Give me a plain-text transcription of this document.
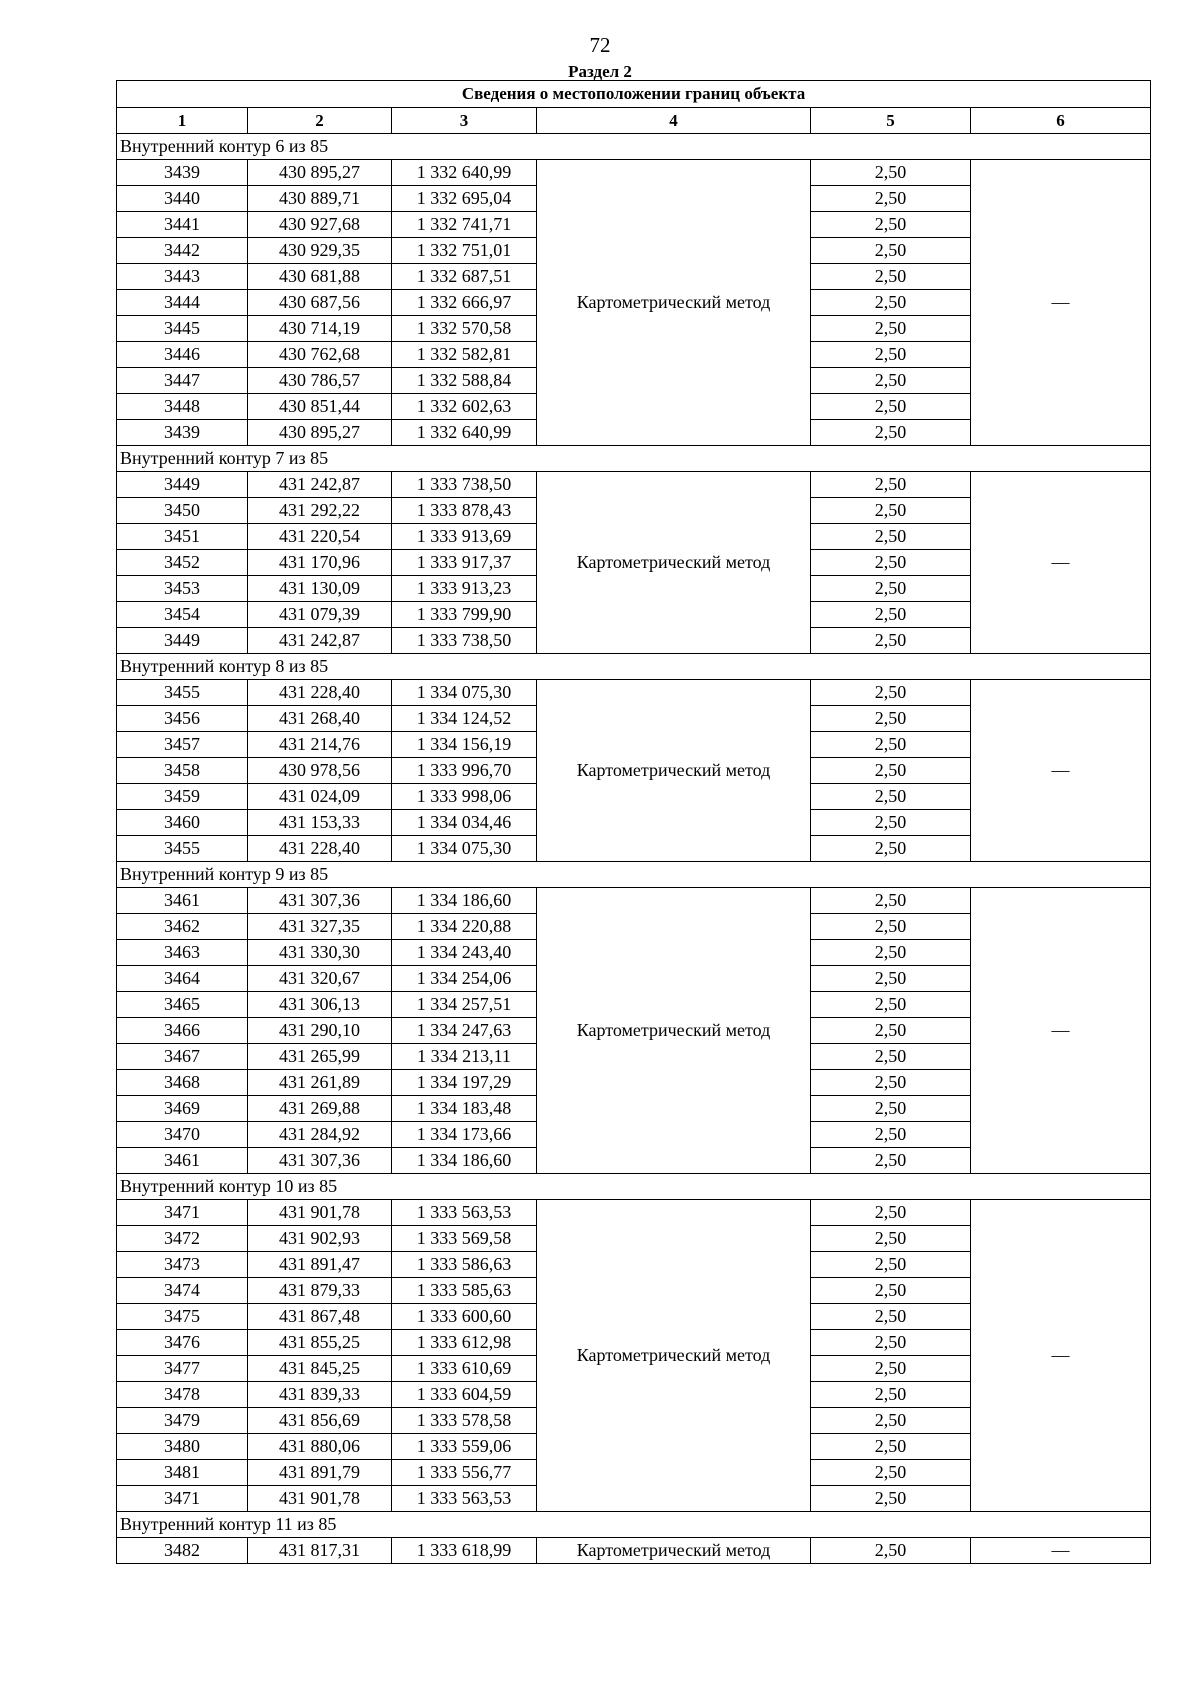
72
Раздел 2
Сведения о местоположении границ объекта					
1	2	3	4	5	6
Внутренний контур 6 из 85					
3439	430 895,27	1 332 640,99	Картометрический метод	2,50	—
3440	430 889,71	1 332 695,04		2,50	
3441	430 927,68	1 332 741,71		2,50	
3442	430 929,35	1 332 751,01		2,50	
3443	430 681,88	1 332 687,51		2,50	
3444	430 687,56	1 332 666,97		2,50	
3445	430 714,19	1 332 570,58		2,50	
3446	430 762,68	1 332 582,81		2,50	
3447	430 786,57	1 332 588,84		2,50	
3448	430 851,44	1 332 602,63		2,50	
3439	430 895,27	1 332 640,99		2,50	
Внутренний контур 7 из 85					
3449	431 242,87	1 333 738,50	Картометрический метод	2,50	—
3450	431 292,22	1 333 878,43		2,50	
3451	431 220,54	1 333 913,69		2,50	
3452	431 170,96	1 333 917,37		2,50	
3453	431 130,09	1 333 913,23		2,50	
3454	431 079,39	1 333 799,90		2,50	
3449	431 242,87	1 333 738,50		2,50	
Внутренний контур 8 из 85					
3455	431 228,40	1 334 075,30	Картометрический метод	2,50	—
3456	431 268,40	1 334 124,52		2,50	
3457	431 214,76	1 334 156,19		2,50	
3458	430 978,56	1 333 996,70		2,50	
3459	431 024,09	1 333 998,06		2,50	
3460	431 153,33	1 334 034,46		2,50	
3455	431 228,40	1 334 075,30		2,50	
Внутренний контур 9 из 85					
3461	431 307,36	1 334 186,60	Картометрический метод	2,50	—
3462	431 327,35	1 334 220,88		2,50	
3463	431 330,30	1 334 243,40		2,50	
3464	431 320,67	1 334 254,06		2,50	
3465	431 306,13	1 334 257,51		2,50	
3466	431 290,10	1 334 247,63		2,50	
3467	431 265,99	1 334 213,11		2,50	
3468	431 261,89	1 334 197,29		2,50	
3469	431 269,88	1 334 183,48		2,50	
3470	431 284,92	1 334 173,66		2,50	
3461	431 307,36	1 334 186,60		2,50	
Внутренний контур 10 из 85					
3471	431 901,78	1 333 563,53	Картометрический метод	2,50	—
3472	431 902,93	1 333 569,58		2,50	
3473	431 891,47	1 333 586,63		2,50	
3474	431 879,33	1 333 585,63		2,50	
3475	431 867,48	1 333 600,60		2,50	
3476	431 855,25	1 333 612,98		2,50	
3477	431 845,25	1 333 610,69		2,50	
3478	431 839,33	1 333 604,59		2,50	
3479	431 856,69	1 333 578,58		2,50	
3480	431 880,06	1 333 559,06		2,50	
3481	431 891,79	1 333 556,77		2,50	
3471	431 901,78	1 333 563,53		2,50	
Внутренний контур 11 из 85					
3482	431 817,31	1 333 618,99	Картометрический метод	2,50	—
